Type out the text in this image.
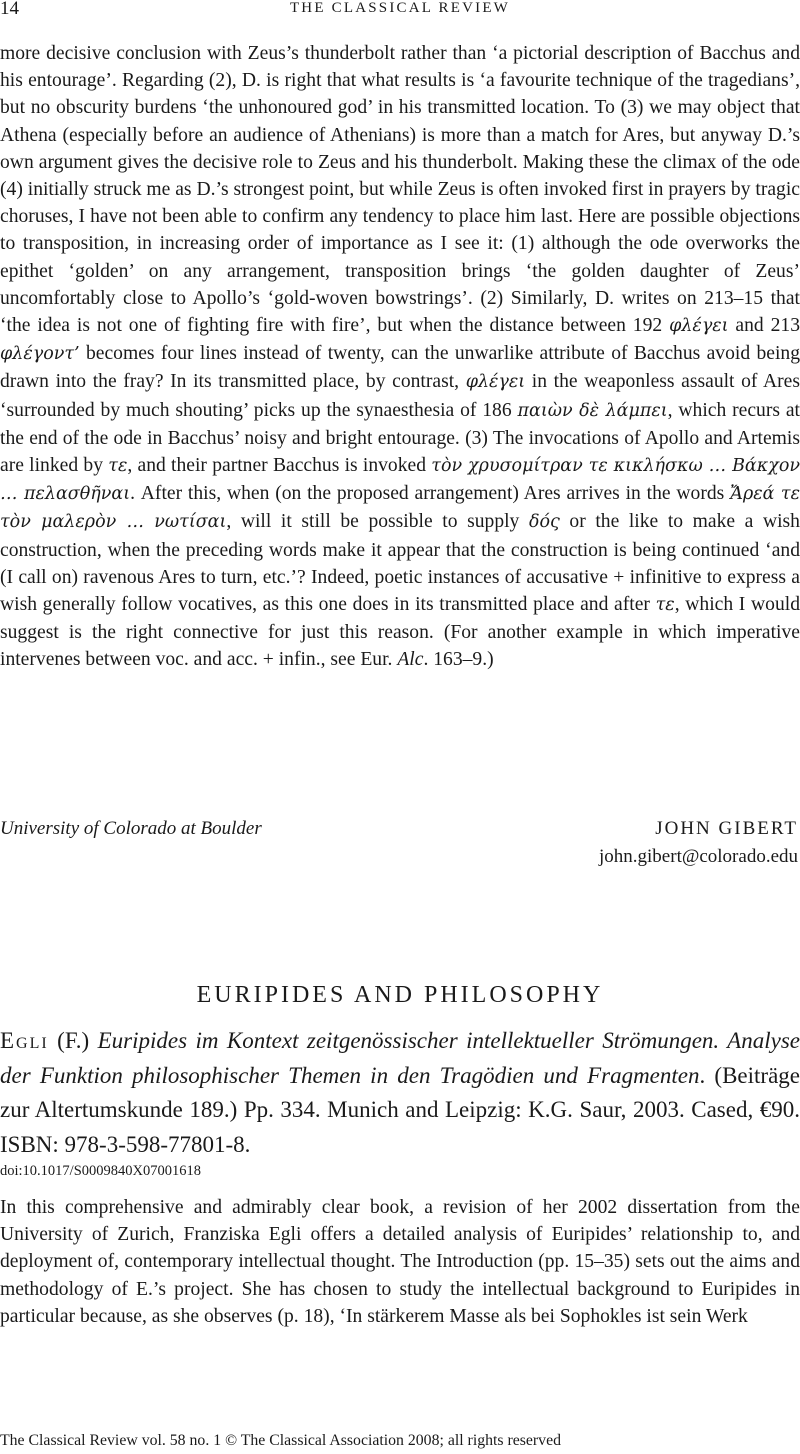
14	THE CLASSICAL REVIEW

more decisive conclusion with Zeus’s thunderbolt rather than ‘a pictorial description of Bacchus and his entourage’. Regarding (2), D. is right that what results is ‘a favourite technique of the tragedians’, but no obscurity burdens ‘the unhonoured god’ in his transmitted location. To (3) we may object that Athena (especially before an audience of Athenians) is more than a match for Ares, but anyway D.’s own argument gives the decisive role to Zeus and his thunderbolt. Making these the climax of the ode (4) initially struck me as D.’s strongest point, but while Zeus is often invoked first in prayers by tragic choruses, I have not been able to confirm any tendency to place him last. Here are possible objections to transposition, in increasing order of importance as I see it: (1) although the ode overworks the epithet ‘golden’ on any arrangement, transposition brings ‘the golden daughter of Zeus’ uncomfortably close to Apollo’s ‘gold-woven bowstrings’. (2) Similarly, D. writes on 213–15 that ‘the idea is not one of fighting fire with fire’, but when the distance between 192 φλέγει and 213 φλέγοντ’ becomes four lines instead of twenty, can the unwarlike attribute of Bacchus avoid being drawn into the fray? In its transmitted place, by contrast, φλέγει in the weaponless assault of Ares ‘surrounded by much shouting’ picks up the synaesthesia of 186 παιὼν δὲ λάμπει, which recurs at the end of the ode in Bacchus’ noisy and bright entourage. (3) The invocations of Apollo and Artemis are linked by τε, and their partner Bacchus is invoked τὸν χρυσομίτραν τε κικλήσκω … Βάκχον … πελασθῆναι. After this, when (on the proposed arrangement) Ares arrives in the words Ἄρεά τε τὸν μαλερὸν … νωτίσαι, will it still be possible to supply δός or the like to make a wish construction, when the preceding words make it appear that the construction is being continued ‘and (I call on) ravenous Ares to turn, etc.’? Indeed, poetic instances of accusative + infinitive to express a wish generally follow vocatives, as this one does in its transmitted place and after τε, which I would suggest is the right connective for just this reason. (For another example in which imperative intervenes between voc. and acc. + infin., see Eur. Alc. 163–9.)

University of Colorado at Boulder	JOHN GIBERT
john.gibert@colorado.edu
EURIPIDES AND PHILOSOPHY

Egli (F.) Euripides im Kontext zeitgenössischer intellektueller Strömungen. Analyse der Funktion philosophischer Themen in den Tragödien und Fragmenten. (Beiträge zur Altertumskunde 189.) Pp. 334. Munich and Leipzig: K.G. Saur, 2003. Cased, €90. ISBN: 978-3-598-77801-8.

doi:10.1017/S0009840X07001618

In this comprehensive and admirably clear book, a revision of her 2002 dissertation from the University of Zurich, Franziska Egli offers a detailed analysis of Euripides’ relationship to, and deployment of, contemporary intellectual thought. The Introduction (pp. 15–35) sets out the aims and methodology of E.’s project. She has chosen to study the intellectual background to Euripides in particular because, as she observes (p. 18), ‘In stärkerem Masse als bei Sophokles ist sein Werk

The Classical Review vol. 58 no. 1 © The Classical Association 2008; all rights reserved
